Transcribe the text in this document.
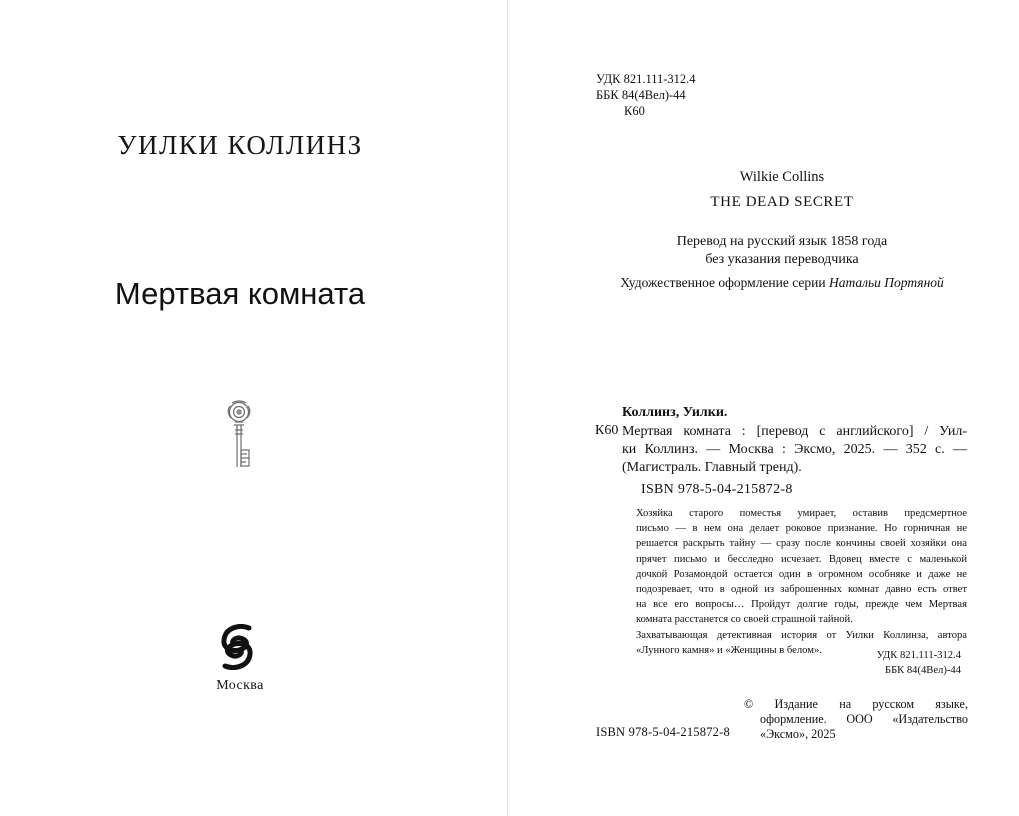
УИЛКИ КОЛЛИНЗ
Мертвая комната
Москва
УДК 821.111-312.4
ББК 84(4Вел)-44
К60
Wilkie Collins
THE DEAD SECRET
Перевод на русский язык 1858 года
без указания переводчика
Художественное оформление серии Натальи Портяной
К60
Коллинз, Уилки.
Мертвая комната : [перевод с английского] / Уил-
ки Коллинз. — Москва : Эксмо, 2025. — 352 с. —
(Магистраль. Главный тренд).
ISBN 978-5-04-215872-8

Хозяйка старого поместья умирает, оставив предсмертное
письмо — в нем она делает роковое признание. Но горничная не
решается раскрыть тайну — сразу после кончины своей хозяйки она
прячет письмо и бесследно исчезает. Вдовец вместе с маленькой
дочкой Розамондой остается один в огромном особняке и даже не
подозревает, что в одной из заброшенных комнат давно есть ответ
на все его вопросы… Пройдут долгие годы, прежде чем Мертвая
комната расстанется со своей страшной тайной.

Захватывающая детективная история от Уилки Коллинза, автора
«Лунного камня» и «Женщины в белом».	УДК 821.111-312.4
ББК 84(4Вел)-44
ISBN 978-5-04-215872-8
© Издание на русском языке,
оформление. ООО «Издательство
«Эксмо», 2025
